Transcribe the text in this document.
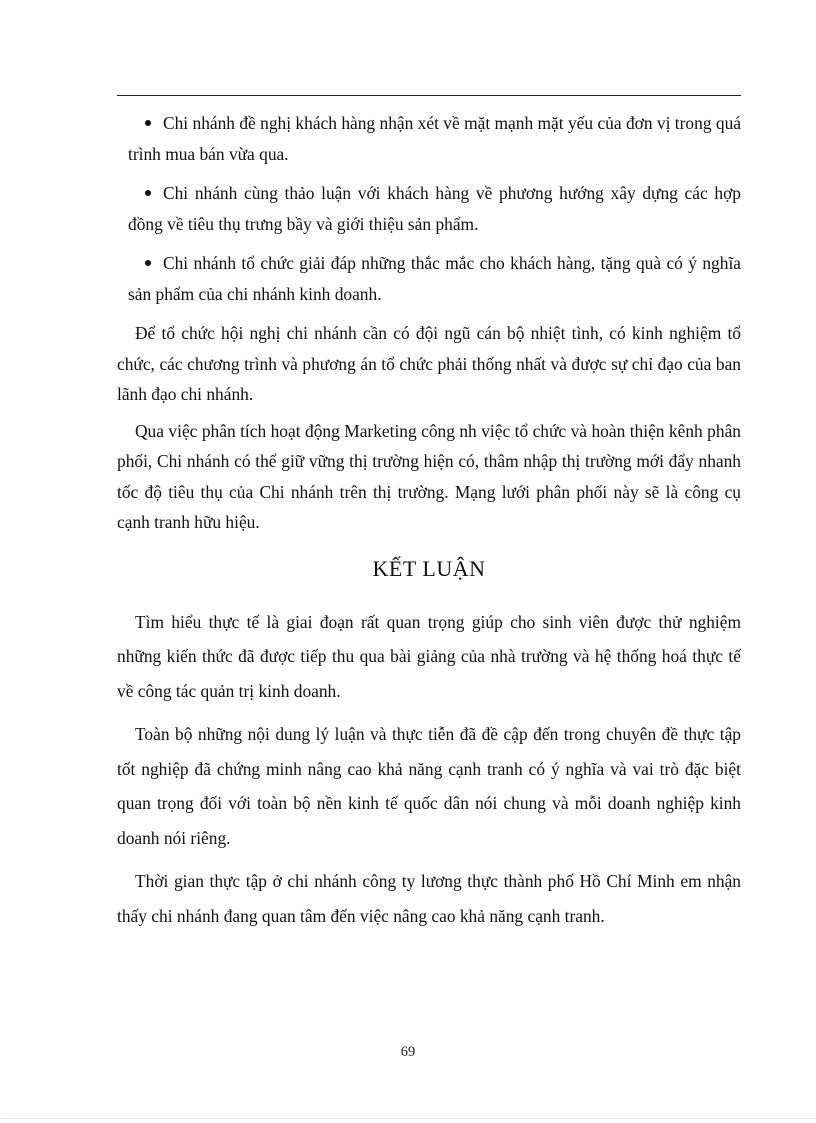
Chi nhánh đề nghị khách hàng nhận xét về mặt mạnh mặt yếu của đơn vị trong quá trình mua bán vừa qua.
Chi nhánh cùng thảo luận với khách hàng về phương hướng xây dựng các hợp đồng về tiêu thụ trưng bầy và giới thiệu sản phẩm.
Chi nhánh tổ chức giải đáp những thắc mắc cho khách hàng, tặng quà có ý nghĩa sản phẩm của chi nhánh kinh doanh.

Để tổ chức hội nghị chi nhánh cần có đội ngũ cán bộ nhiệt tình, có kinh nghiệm tổ chức, các chương trình và phương án tổ chức phải thống nhất và được sự chỉ đạo của ban lãnh đạo chi nhánh.

Qua việc phân tích hoạt động Marketing công nh việc tổ chức và hoàn thiện kênh phân phối, Chi nhánh có thể giữ vững thị trường hiện có, thâm nhập thị trường mới đẩy nhanh tốc độ tiêu thụ của Chi nhánh trên thị trường. Mạng lưới phân phối này sẽ là công cụ cạnh tranh hữu hiệu.

KẾT LUẬN

Tìm hiểu thực tế là giai đoạn rất quan trọng giúp cho sinh viên được thử nghiệm những kiến thức đã được tiếp thu qua bài giảng của nhà trường và hệ thống hoá thực tế về công tác quản trị kinh doanh.

Toàn bộ những nội dung lý luận và thực tiễn đã đề cập đến trong chuyên đề thực tập tốt nghiệp đã chứng minh nâng cao khả năng cạnh tranh có ý nghĩa và vai trò đặc biệt quan trọng đối với toàn bộ nền kinh tế quốc dân nói chung và mỗi doanh nghiệp kinh doanh nói riêng.

Thời gian thực tập ở chi nhánh công ty lương thực thành phố Hồ Chí Minh em nhận thấy chi nhánh đang quan tâm đến việc nâng cao khả năng cạnh tranh.

69
